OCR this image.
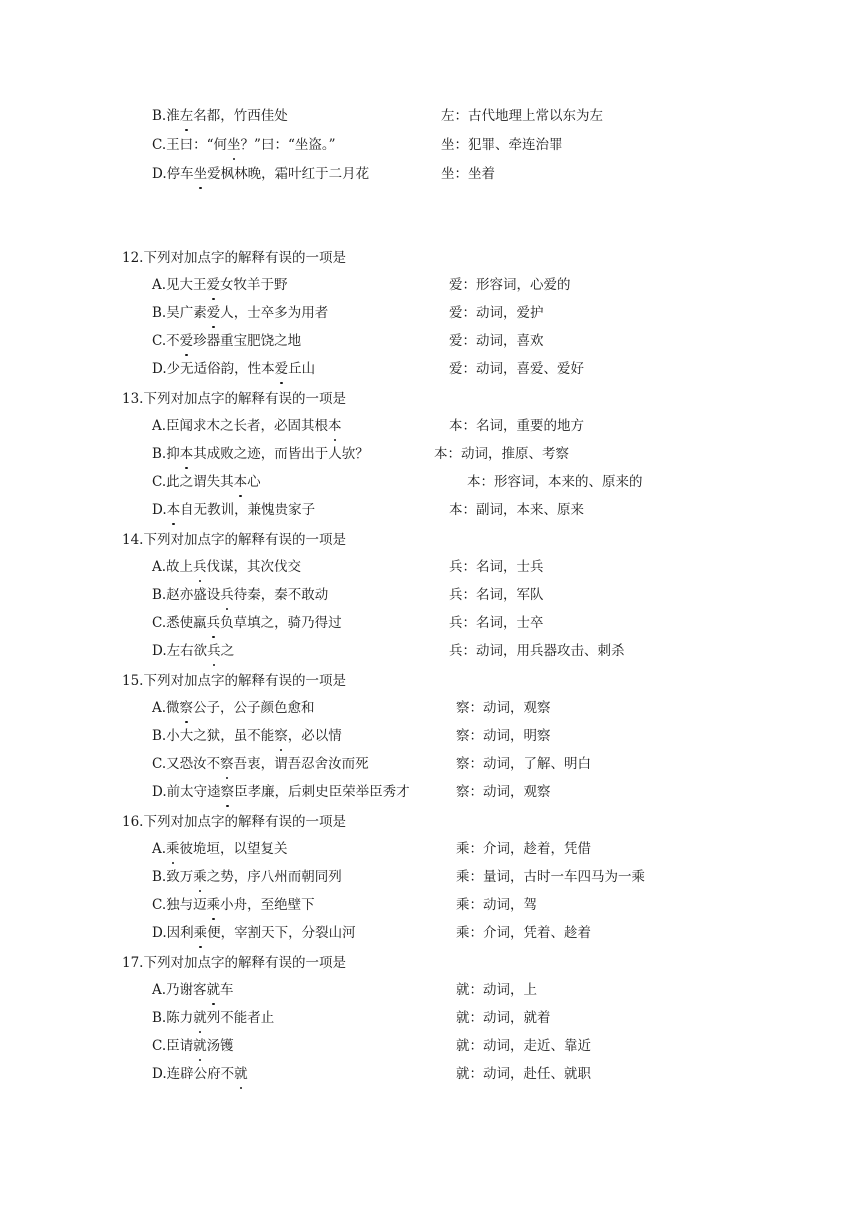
B.淮左名都，竹西佳处	左：古代地理上常以东为左
C.王曰：“何坐？”曰：“坐盗。”	坐：犯罪、牵连治罪
D.停车坐爱枫林晚，霜叶红于二月花	坐：坐着
12.下列对加点字的解释有误的一项是
A.见大王爱女牧羊于野	爱：形容词，心爱的
B.吴广素爱人，士卒多为用者	爱：动词，爱护
C.不爱珍器重宝肥饶之地	爱：动词，喜欢
D.少无适俗韵，性本爱丘山	爱：动词，喜爱、爱好
13.下列对加点字的解释有误的一项是
A.臣闻求木之长者，必固其根本	本：名词，重要的地方
B.抑本其成败之迹，而皆出于人欤？	本：动词，推原、考察
C.此之谓失其本心	本：形容词，本来的、原来的
D.本自无教训，兼愧贵家子	本：副词，本来、原来
14.下列对加点字的解释有误的一项是
A.故上兵伐谋，其次伐交	兵：名词，士兵
B.赵亦盛设兵待秦，秦不敢动	兵：名词，军队
C.悉使羸兵负草填之，骑乃得过	兵：名词，士卒
D.左右欲兵之	兵：动词，用兵器攻击、刺杀
15.下列对加点字的解释有误的一项是
A.微察公子，公子颜色愈和	察：动词，观察
B.小大之狱，虽不能察，必以情	察：动词，明察
C.又恐汝不察吾衷，谓吾忍舍汝而死	察：动词，了解、明白
D.前太守逵察臣孝廉，后刺史臣荣举臣秀才	察：动词，观察
16.下列对加点字的解释有误的一项是
A.乘彼垝垣，以望复关	乘：介词，趁着，凭借
B.致万乘之势，序八州而朝同列	乘：量词，古时一车四马为一乘
C.独与迈乘小舟，至绝壁下	乘：动词，驾
D.因利乘便，宰割天下，分裂山河	乘：介词，凭着、趁着
17.下列对加点字的解释有误的一项是
A.乃谢客就车	就：动词，上
B.陈力就列不能者止	就：动词，就着
C.臣请就汤镬	就：动词，走近、靠近
D.连辟公府不就	就：动词，赴任、就职
